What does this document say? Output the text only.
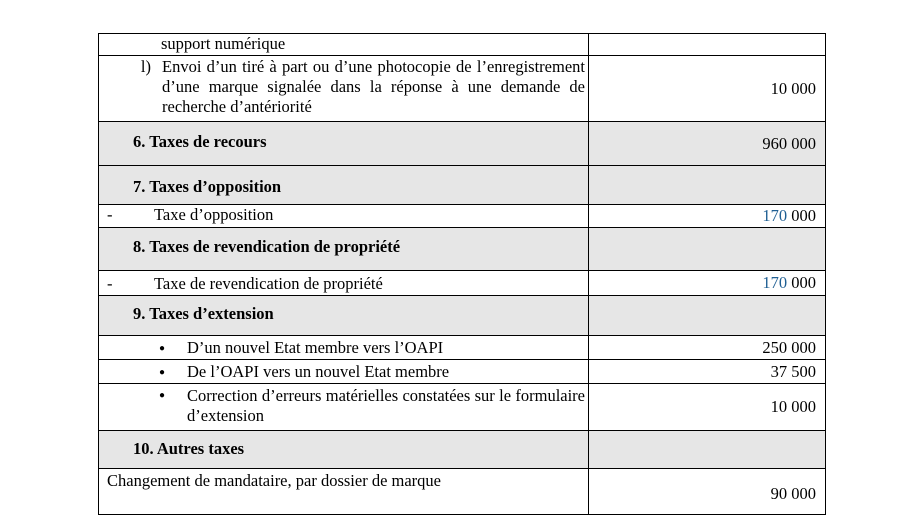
support numérique	

l) Envoi d’un tiré à part ou d’une photocopie de l’enregistrement d’une marque signalée dans la réponse à une demande de recherche d’antériorité	10 000

6. Taxes de recours	960 000

7. Taxes d’opposition	

- Taxe d’opposition	170 000

8. Taxes de revendication de propriété	

- Taxe de revendication de propriété	170 000

9. Taxes d’extension	

● D’un nouvel Etat membre vers l’OAPI	250 000

● De l’OAPI vers un nouvel Etat membre	37 500

● Correction d’erreurs matérielles constatées sur le formulaire d’extension	10 000

10. Autres taxes	

Changement de mandataire, par dossier de marque	90 000
